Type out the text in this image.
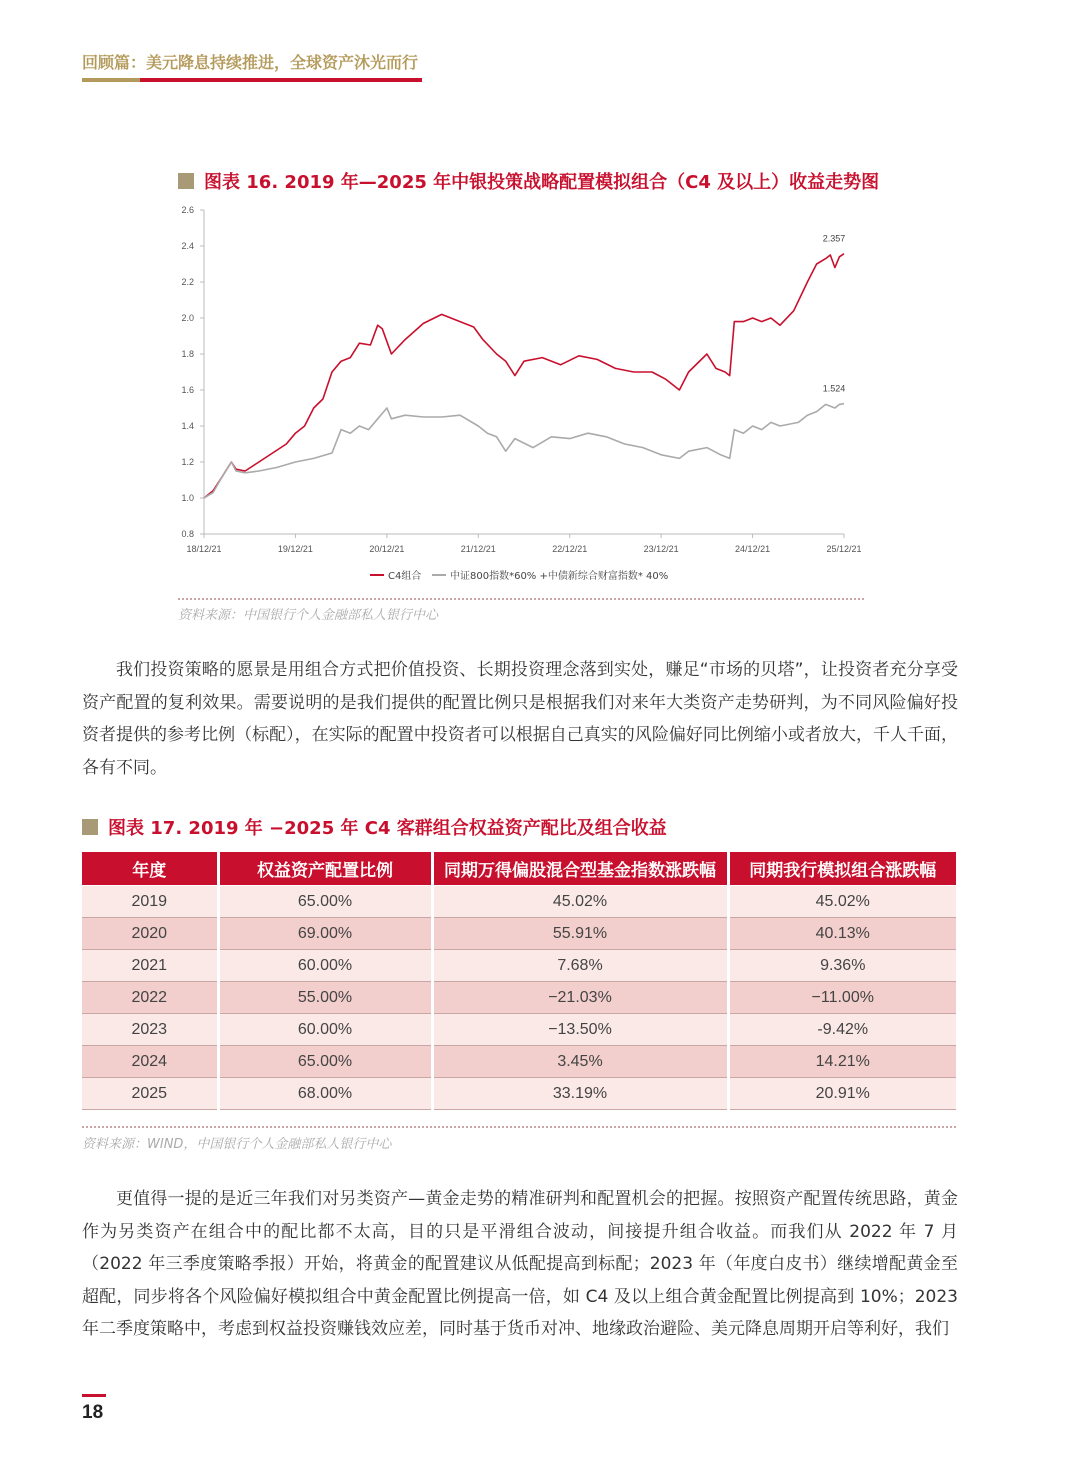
回顾篇：美元降息持续推进，全球资产沐光而行
图表 16. 2019 年—2025 年中银投策战略配置模拟组合（C4 及以上）收益走势图
0.8
1.0
1.2
1.4
1.6
1.8
2.0
2.2
2.4
2.6
18/12/21	19/12/21	20/12/21	21/12/21	22/12/21	23/12/21	24/12/21	25/12/21
2.357
1.524
C4组合	中证800指数*60% +中债新综合财富指数* 40%
资料来源：中国银行个人金融部私人银行中心

我们投资策略的愿景是用组合方式把价值投资、长期投资理念落到实处，赚足“市场的贝塔”，让投资者充分享受资产配置的复利效果。需要说明的是我们提供的配置比例只是根据我们对来年大类资产走势研判，为不同风险偏好投资者提供的参考比例（标配），在实际的配置中投资者可以根据自己真实的风险偏好同比例缩小或者放大，千人千面，各有不同。

图表 17. 2019 年 −2025 年 C4 客群组合权益资产配比及组合收益
年度	权益资产配置比例	同期万得偏股混合型基金指数涨跌幅	同期我行模拟组合涨跌幅
2019	65.00%	45.02%	45.02%
2020	69.00%	55.91%	40.13%
2021	60.00%	7.68%	9.36%
2022	55.00%	−21.03%	−11.00%
2023	60.00%	−13.50%	-9.42%
2024	65.00%	3.45%	14.21%
2025	68.00%	33.19%	20.91%
资料来源：WIND，中国银行个人金融部私人银行中心

更值得一提的是近三年我们对另类资产—黄金走势的精准研判和配置机会的把握。按照资产配置传统思路，黄金作为另类资产在组合中的配比都不太高，目的只是平滑组合波动，间接提升组合收益。而我们从 2022 年 7 月（2022 年三季度策略季报）开始，将黄金的配置建议从低配提高到标配；2023 年（年度白皮书）继续增配黄金至超配，同步将各个风险偏好模拟组合中黄金配置比例提高一倍，如 C4 及以上组合黄金配置比例提高到 10%；2023 年二季度策略中，考虑到权益投资赚钱效应差，同时基于货币对冲、地缘政治避险、美元降息周期开启等利好，我们

18
